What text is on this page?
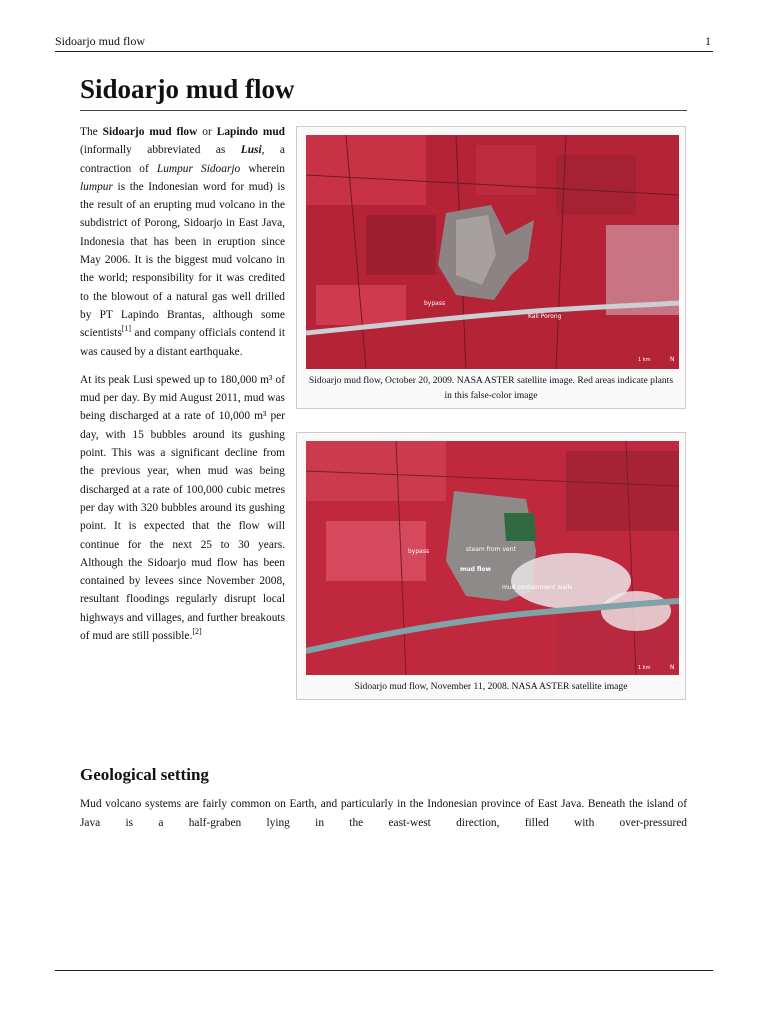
Sidoarjo mud flow	1
Sidoarjo mud flow

The Sidoarjo mud flow or Lapindo mud (informally abbreviated as Lusi, a contraction of Lumpur Sidoarjo wherein lumpur is the Indonesian word for mud) is the result of an erupting mud volcano in the subdistrict of Porong, Sidoarjo in East Java, Indonesia that has been in eruption since May 2006. It is the biggest mud volcano in the world; responsibility for it was credited to the blowout of a natural gas well drilled by PT Lapindo Brantas, although some scientists[1] and company officials contend it was caused by a distant earthquake.

At its peak Lusi spewed up to 180,000 m³ of mud per day. By mid August 2011, mud was being discharged at a rate of 10,000 m³ per day, with 15 bubbles around its gushing point. This was a significant decline from the previous year, when mud was being discharged at a rate of 100,000 cubic metres per day with 320 bubbles around its gushing point. It is expected that the flow will continue for the next 25 to 30 years. Although the Sidoarjo mud flow has been contained by levees since November 2008, resultant floodings regularly disrupt local highways and villages, and further breakouts of mud are still possible.[2]

bypass
Kali Porong
1 km	N
Sidoarjo mud flow, October 20, 2009. NASA ASTER satellite image. Red areas indicate plants in this false-color image
bypass	steam from vent
mud flow
mud containment walls
1 km	N
Sidoarjo mud flow, November 11, 2008. NASA ASTER satellite image
Geological setting
Mud volcano systems are fairly common on Earth, and particularly in the Indonesian province of East Java. Beneath the island of Java is a half-graben lying in the east-west direction, filled with over-pressured
